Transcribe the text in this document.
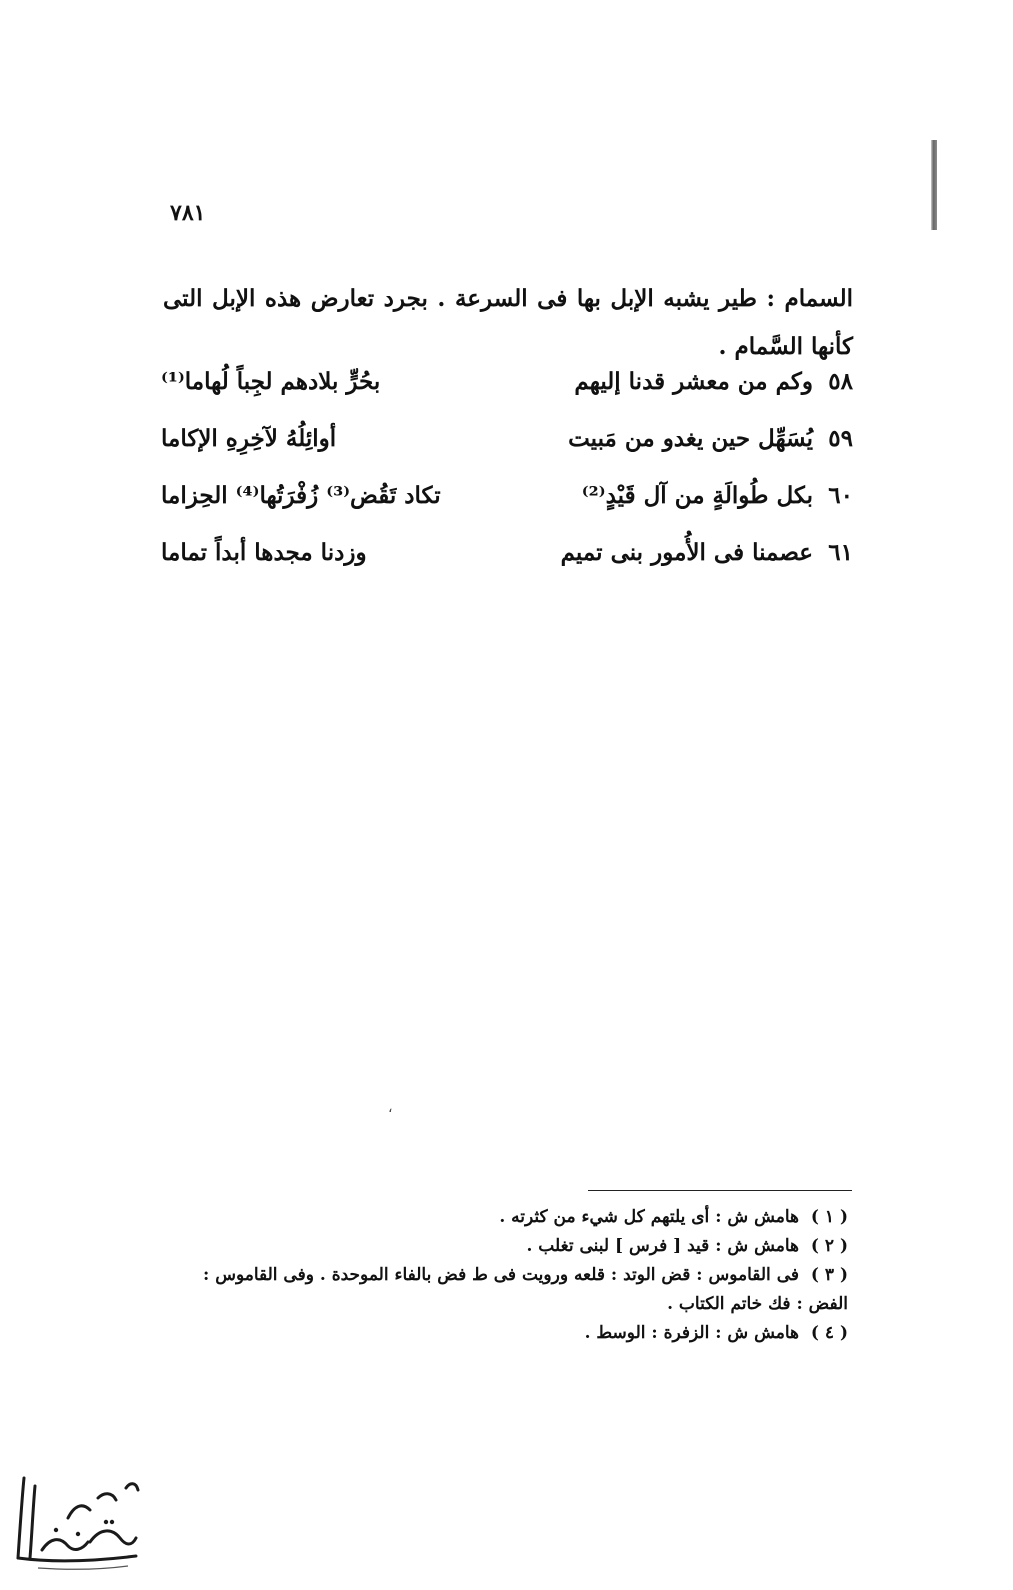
٧٨١

السمام : طير يشبه الإبل بها فى السرعة . بجرد تعارض هذه الإبل التى كأنها السَّمام .

٥٨
وكم من معشر قدنا إليهم
بحُرٍّ بلادهم لجِباً لُهاما⁽¹⁾
٥٩
يُسَهِّل حين يغدو من مَبيت
أوائِلُهُ لآخِرِهِ الإكاما
٦٠
بكل طُوالَةٍ من آل قَيْدٍ⁽²⁾
تكاد تَقُض⁽³⁾ زُفْرَتُها⁽⁴⁾ الحِزاما
٦١
عصمنا فى الأُمور بنى تميم
وزدنا مجدها أبداً تماما
،

( ١ ) هامش ش : أى يلتهم كل شيء من كثرته .

( ٢ ) هامش ش : قيد [ فرس ] لبنى تغلب .

( ٣ ) فى القاموس : قض الوتد : قلعه ورويت فى ط فض بالفاء الموحدة . وفى القاموس : الفض : فك خاتم الكتاب .

( ٤ ) هامش ش : الزفرة : الوسط .
